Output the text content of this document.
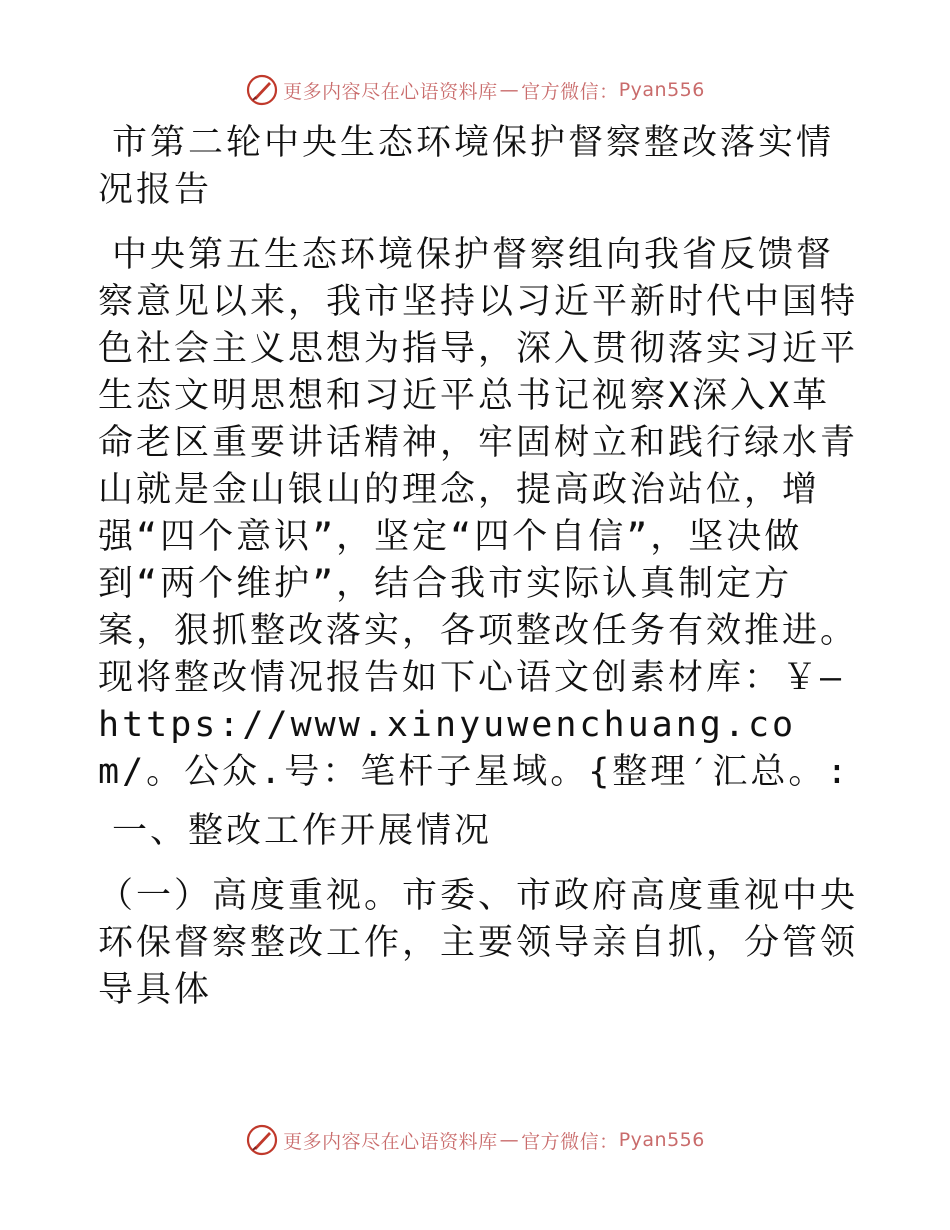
更多内容尽在心语资料库 — 官方微信： Pyan556

市第二轮中央生态环境保护督察整改落实情况报告

中央第五生态环境保护督察组向我省反馈督察意见以来，我市坚持以习近平新时代中国特色社会主义思想为指导，深入贯彻落实习近平生态文明思想和习近平总书记视察X深入X革命老区重要讲话精神，牢固树立和践行绿水青山就是金山银山的理念，提高政治站位，增强“四个意识”，坚定“四个自信”，坚决做到“两个维护”，结合我市实际认真制定方案，狠抓整改落实，各项整改任务有效推进。现将整改情况报告如下心语文创素材库：￥—https://www.xinyuwenchuang.com/。公众.号：笔杆子星域。{整理′汇总。:

一、整改工作开展情况

（一）高度重视。市委、市政府高度重视中央环保督察整改工作，主要领导亲自抓，分管领导具体

更多内容尽在心语资料库 — 官方微信： Pyan556
